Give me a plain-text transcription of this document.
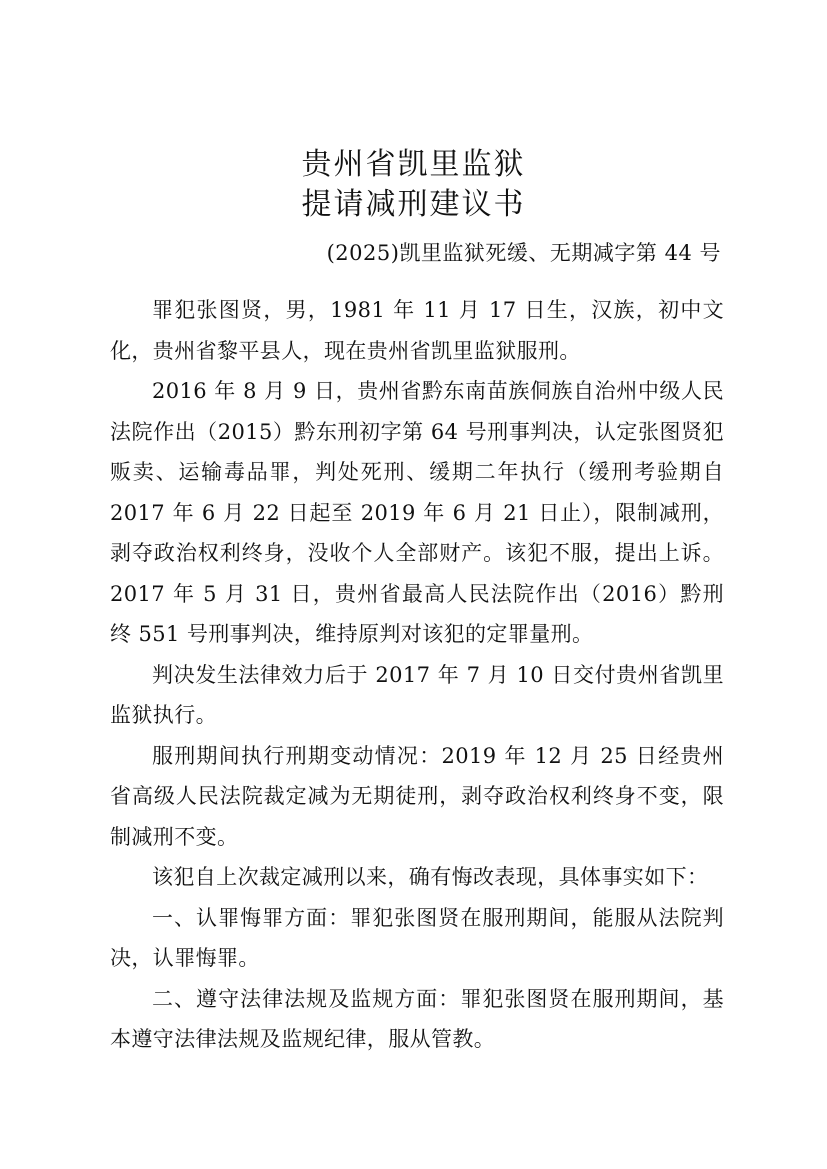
贵州省凯里监狱
提请减刑建议书
(2025)凯里监狱死缓、无期减字第 44 号

罪犯张图贤，男，1981 年 11 月 17 日生，汉族，初中文化，贵州省黎平县人，现在贵州省凯里监狱服刑。

2016 年 8 月 9 日，贵州省黔东南苗族侗族自治州中级人民法院作出（2015）黔东刑初字第 64 号刑事判决，认定张图贤犯贩卖、运输毒品罪，判处死刑、缓期二年执行（缓刑考验期自 2017 年 6 月 22 日起至 2019 年 6 月 21 日止），限制减刑，剥夺政治权利终身，没收个人全部财产。该犯不服，提出上诉。2017 年 5 月 31 日，贵州省最高人民法院作出（2016）黔刑终 551 号刑事判决，维持原判对该犯的定罪量刑。

判决发生法律效力后于 2017 年 7 月 10 日交付贵州省凯里监狱执行。

服刑期间执行刑期变动情况：2019 年 12 月 25 日经贵州省高级人民法院裁定减为无期徒刑，剥夺政治权利终身不变，限制减刑不变。

该犯自上次裁定减刑以来，确有悔改表现，具体事实如下：

一、认罪悔罪方面：罪犯张图贤在服刑期间，能服从法院判决，认罪悔罪。

二、遵守法律法规及监规方面：罪犯张图贤在服刑期间，基本遵守法律法规及监规纪律，服从管教。
